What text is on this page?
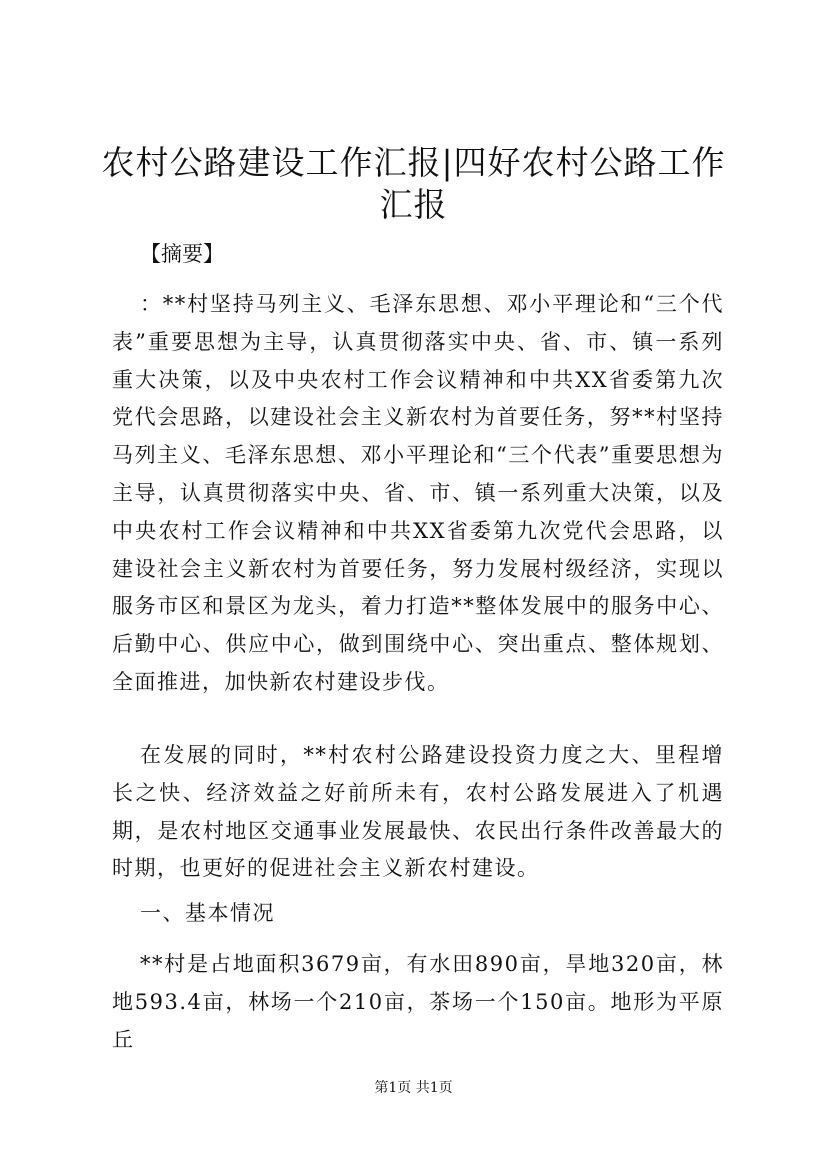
农村公路建设工作汇报|四好农村公路工作汇报

【摘要】

：**村坚持马列主义、毛泽东思想、邓小平理论和“三个代表”重要思想为主导，认真贯彻落实中央、省、市、镇一系列重大决策，以及中央农村工作会议精神和中共XX省委第九次党代会思路，以建设社会主义新农村为首要任务，努**村坚持马列主义、毛泽东思想、邓小平理论和“三个代表”重要思想为主导，认真贯彻落实中央、省、市、镇一系列重大决策，以及中央农村工作会议精神和中共XX省委第九次党代会思路，以建设社会主义新农村为首要任务，努力发展村级经济，实现以服务市区和景区为龙头，着力打造**整体发展中的服务中心、后勤中心、供应中心，做到围绕中心、突出重点、整体规划、全面推进，加快新农村建设步伐。

在发展的同时，**村农村公路建设投资力度之大、里程增长之快、经济效益之好前所未有，农村公路发展进入了机遇期，是农村地区交通事业发展最快、农民出行条件改善最大的时期，也更好的促进社会主义新农村建设。

一、基本情况

**村是占地面积3679亩，有水田890亩，旱地320亩，林地593.4亩，林场一个210亩，茶场一个150亩。地形为平原丘

第1页 共1页
